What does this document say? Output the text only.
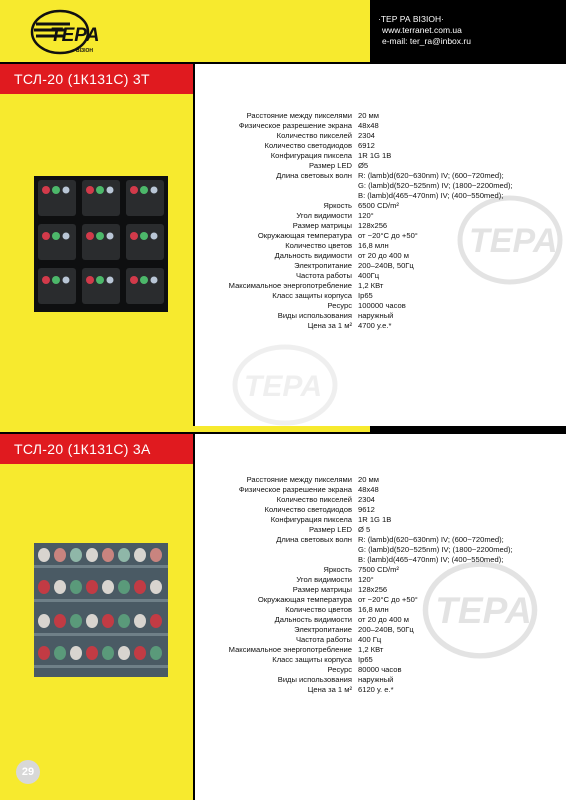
ТЕРА
ВІЗІОН
·ТЕР РА ВІЗІОН·
www.terranet.com.ua
e-mail: ter_ra@inbox.ru
ТСЛ-20 (1К131С) 3Т
ТЕРА
ТЕРА
Расстояние между пикселями 20 мм
Физическое разрешение экрана 48x48
Количество пикселей 2304
Количество светодиодов 6912
Конфигурация пиксела 1R 1G 1B
Размер LED Ø5
Длина световых волн R: (lamb)d(620~630nm) IV; (600~720med);
G: (lamb)d(520~525nm) IV; (1800~2200med);
B: (lamb)d(465~470nm) IV; (400~550med);
Яркость 6500 CD/m²
Угол видимости 120°
Размер матрицы 128x256
Окружающая температура от −20°C до +50°
Количество цветов 16,8 млн
Дальность видимости от 20 до 400 м
Электропитание 200–240В, 50Гц
Частота работы 400Гц
Максимальное энергопотребление 1,2 КВт
Класс защиты корпуса Ip65
Ресурс 100000 часов
Виды использования наружный
Цена за 1 м² 4700 у.е.*
ТСЛ-20 (1К131С) 3А
ТЕРА
Расстояние между пикселями 20 мм
Физическое разрешение экрана 48x48
Количество пикселей 2304
Количество светодиодов 9612
Конфигурация пиксела 1R 1G 1B
Размер LED Ø 5
Длина световых волн R: (lamb)d(620~630nm) IV; (600~720med);
G: (lamb)d(520~525nm) IV; (1800~2200med);
B: (lamb)d(465~470nm) IV; (400~550med);
Яркость 7500 CD/m²
Угол видимости 120°
Размер матрицы 128x256
Окружающая температура от −20°C до +50°
Количество цветов 16,8 млн
Дальность видимости от 20 до 400 м
Электропитание 200–240В, 50Гц
Частота работы 400 Гц
Максимальное энергопотребление 1,2 КВт
Класс защиты корпуса Ip65
Ресурс 80000 часов
Виды использования наружный
Цена за 1 м² 6120 у. е.*
29
